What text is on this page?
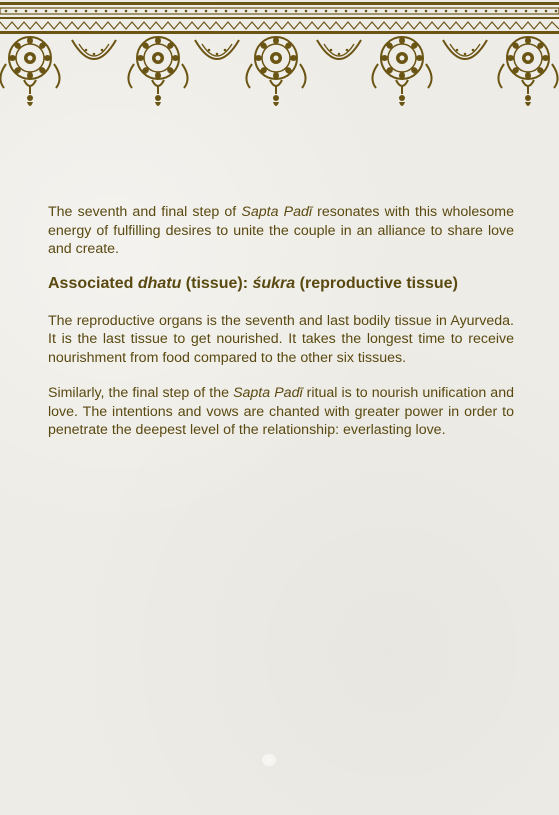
The seventh and final step of Sapta Padī resonates with this wholesome energy of fulfilling desires to unite the couple in an alliance to share love and create.

Associated dhatu (tissue): śukra (reproductive tissue)

The reproductive organs is the seventh and last bodily tissue in Ayurveda. It is the last tissue to get nourished. It takes the longest time to receive nourishment from food compared to the other six tissues.

Similarly, the final step of the Sapta Padī ritual is to nourish unification and love. The intentions and vows are chanted with greater power in order to penetrate the deepest level of the relationship: everlasting love.
